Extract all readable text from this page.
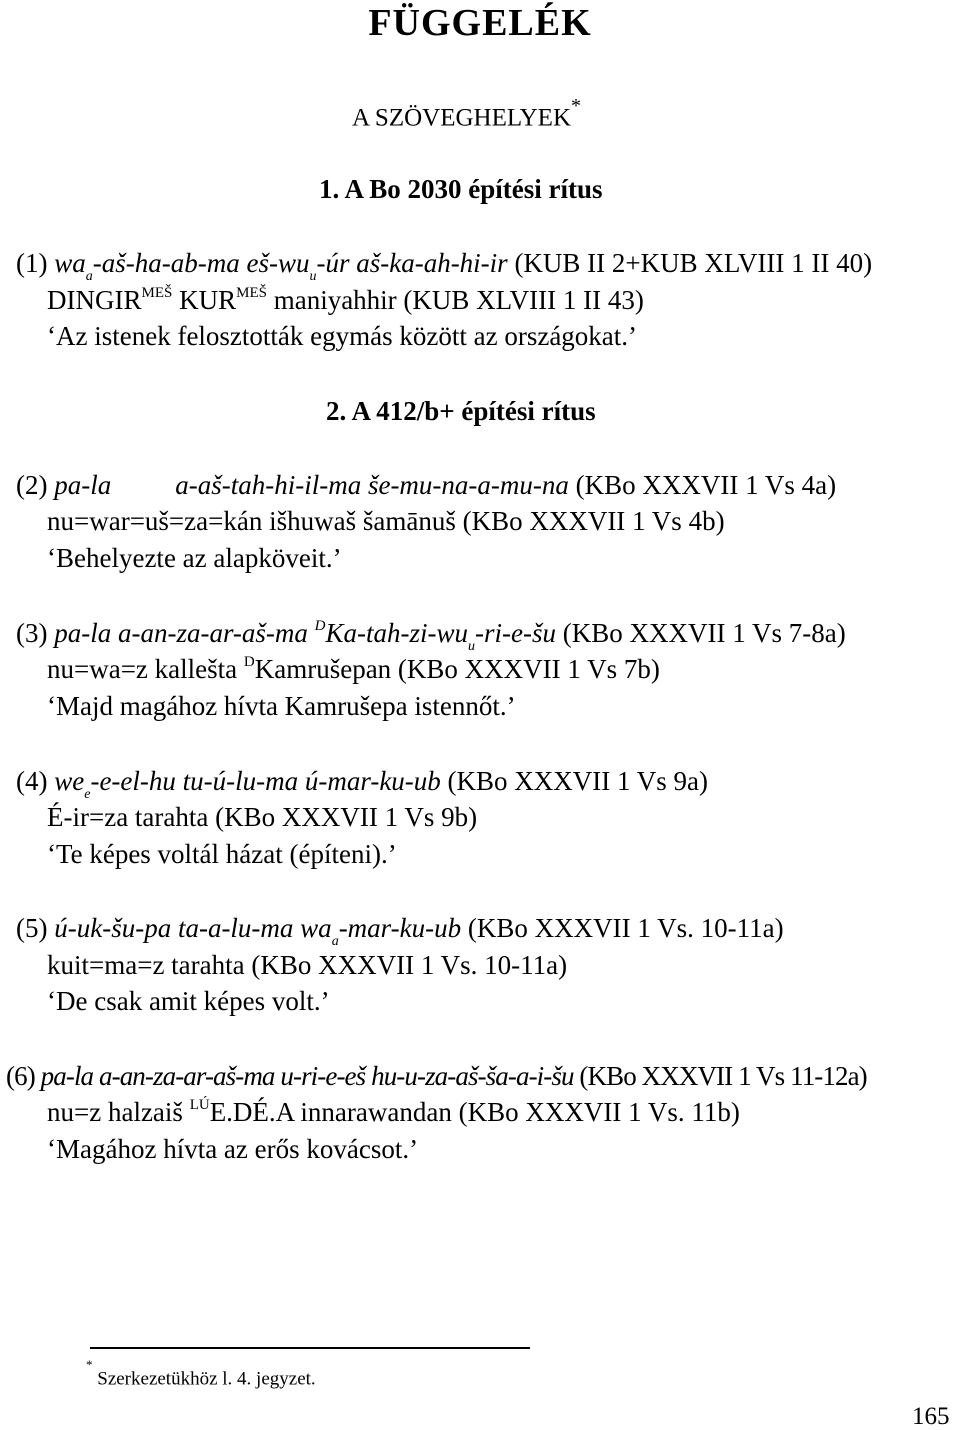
FÜGGELÉK
A SZÖVEGHELYEK*
1. A Bo 2030 építési rítus
(1) $wa_a-aš-ha-ab-ma$ $eš-wu_u-úr$ aš-ka-ah-hi-ir (KUB II 2+KUB XLVIII 1 II 40)
$DINGIR^{MEŠ}$ $KUR^{MEŠ}$ maniyahhir (KUB XLVIII 1 II 43)
‘Az istenek felosztották egymás között az országokat.’
2. A 412/b+ építési rítus
(2) pa-la a-aš-tah-hi-il-ma še-mu-na-a-mu-na (KBo XXXVII 1 Vs 4a)
nu=war=uš=za=kán išhuwaš šamānuš (KBo XXXVII 1 Vs 4b)
‘Behelyezte az alapköveit.’
(3) pa-la a-an-za-ar-aš-ma $^DKa-tah-zi-wu_u-ri-e-šu$ (KBo XXXVII 1 Vs 7-8a)
nu=wa=z kallešta $^D$Kamrušepan (KBo XXXVII 1 Vs 7b)
‘Majd magához hívta Kamrušepa istennőt.’
(4) $we_e-e-el-hu$ tu-ú-lu-ma ú-mar-ku-ub (KBo XXXVII 1 Vs 9a)
É-ir=za tarahta (KBo XXXVII 1 Vs 9b)
‘Te képes voltál házat (építeni).’
(5) ú-uk-šu-pa ta-a-lu-ma $wa_a-mar-ku-ub$ (KBo XXXVII 1 Vs. 10-11a)
kuit=ma=z tarahta (KBo XXXVII 1 Vs. 10-11a)
‘De csak amit képes volt.’
(6) pa-la a-an-za-ar-aš-ma u-ri-e-eš hu-u-za-aš-ša-a-i-šu (KBo XXXVII 1 Vs 11-12a)
nu=z halzaiš $^{LÚ}$E.DÉ.A innarawandan (KBo XXXVII 1 Vs. 11b)
‘Magához hívta az erős kovácsot.’
* Szerkezetükhöz l. 4. jegyzet.
165
